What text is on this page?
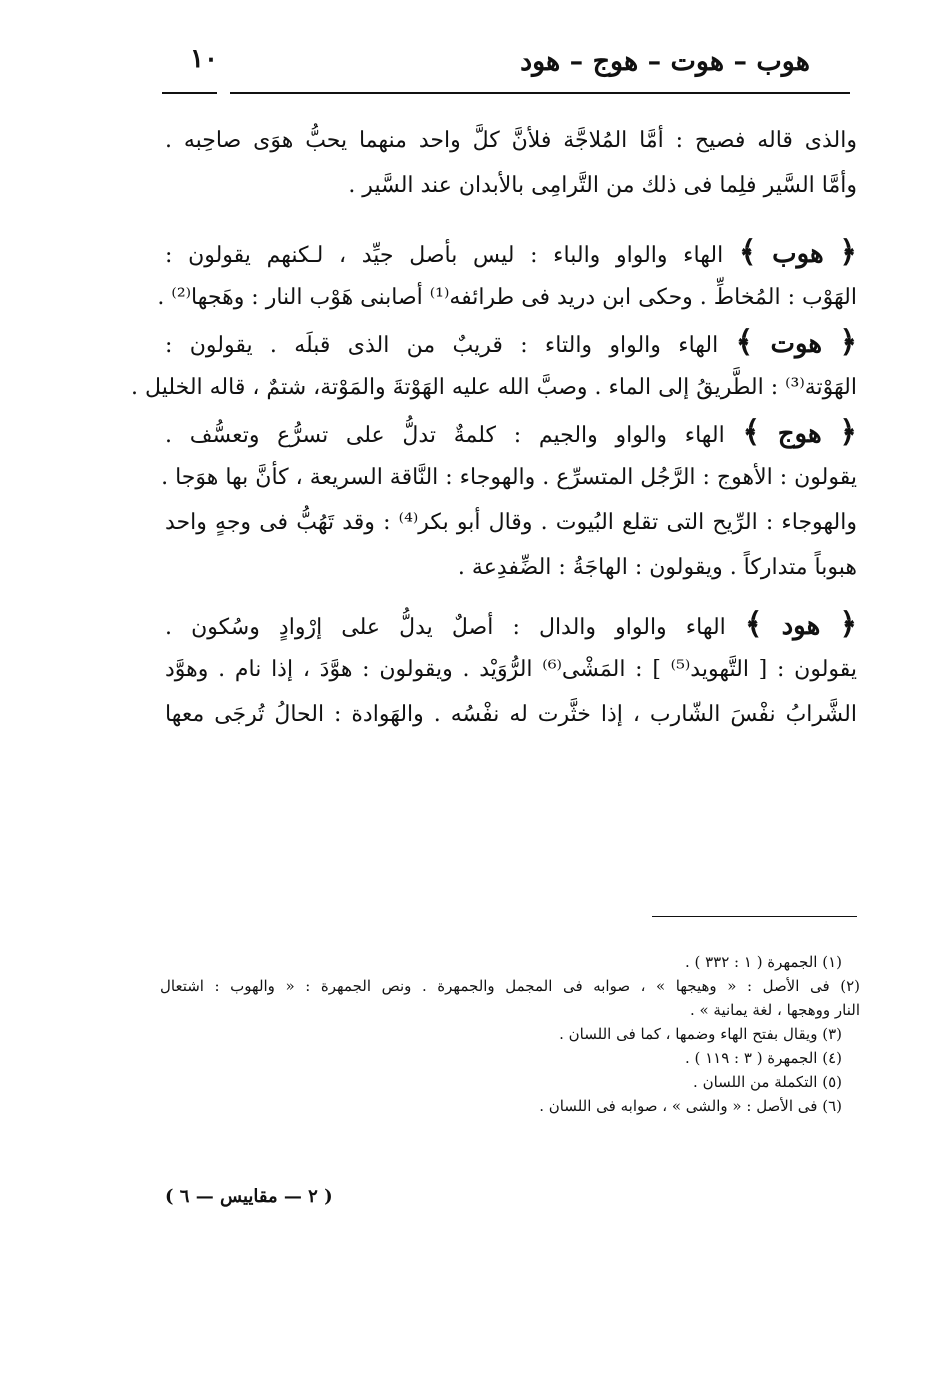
هوب – هوت – هوج – هود
١٠
والذى قاله فصيح : أمَّا المُلاجَّة فلأنَّ كلَّ واحد منهما يحبُّ هوَى صاحِبه .
وأمَّا السَّير فلِما فى ذلك من التَّرامِى بالأبدان عند السَّير .
﴿ هوب ﴾ الهاء والواو والباء : ليس بأصل جيِّد ، لـكنهم يقولون :
الهَوْب : المُخاطِّ . وحكى ابن دريد فى طرائفه⁽¹⁾ أصابنى هَوْب النار : وهَجها⁽²⁾ .
﴿ هوت ﴾ الهاء والواو والتاء : قريبٌ من الذى قبلَه . يقولون :
الهَوْتة⁽³⁾ : الطَّريقُ إلى الماء . وصبَّ الله عليه الهَوْتةَ والمَوْتة، شتمٌ ، قاله الخليل .
﴿ هوج ﴾ الهاء والواو والجيم : كلمةٌ تدلُّ على تسرُّع وتعسُّف .
يقولون : الأهوج : الرَّجُل المتسرِّع . والهوجاء : النَّاقة السريعة ، كأنَّ بها هوَجا .
والهوجاء : الرِّيح التى تقلع البُيوت . وقال أبو بكر⁽⁴⁾ : وقد تَهُبُّ فى وجهٍ واحد
هبوباً متداركاً . ويقولون : الهاجَةُ : الضِّفدِعة .
﴿ هود ﴾ الهاء والواو والدال : أصلٌ يدلُّ على إرْوادٍ وسُكون .
يقولون : [ التَّهويد⁽⁵⁾ ] : المَشْى⁽⁶⁾ الرُّوَيْد . ويقولون : هوَّدَ ، إذا نام . وهوَّد
الشَّرابُ نفْسَ الشّارب ، إذا خثَّرت له نفْسُه . والهَوادة : الحالُ تُرجَى معها
(١) الجمهرة ( ١ : ٣٣٢ ) .
(٢) فى الأصل : « وهيجها » ، صوابه فى المجمل والجمهرة . ونص الجمهرة : « والهوب : اشتعال
النار ووهجها ، لغة يمانية » .
(٣) ويقال بفتح الهاء وضمها ، كما فى اللسان .
(٤) الجمهرة ( ٣ : ١١٩ ) .
(٥) التكملة من اللسان .
(٦) فى الأصل : « والشى » ، صوابه فى اللسان .
( ٢ — مقاييس — ٦ )
